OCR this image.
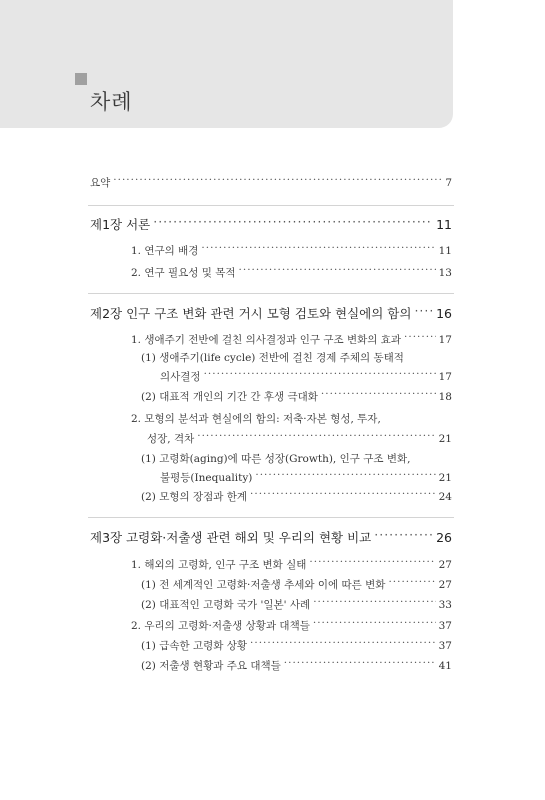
차례
요약 ·····	7
제1장 서론 ·····	11
1. 연구의 배경 ·····	11
2. 연구 필요성 및 목적 ·····	13
제2장 인구 구조 변화 관련 거시 모형 검토와 현실에의 함의 ····· 16
1. 생애주기 전반에 걸친 의사결정과 인구 구조 변화의 효과 ·····	17
(1) 생애주기(life cycle) 전반에 걸친 경제 주체의 동태적
의사결정 ·····	17
(2) 대표적 개인의 기간 간 후생 극대화 ·····	18
2. 모형의 분석과 현실에의 함의: 저축·자본 형성, 투자,
성장, 격차 ·····	21
(1) 고령화(aging)에 따른 성장(Growth), 인구 구조 변화,
불평등(Inequality) ·····	21
(2) 모형의 장점과 한계 ·····	24
제3장 고령화·저출생 관련 해외 및 우리의 현황 비교 ·····	26
1. 해외의 고령화, 인구 구조 변화 실태 ·····	27
(1) 전 세계적인 고령화·저출생 추세와 이에 따른 변화 ·····	27
(2) 대표적인 고령화 국가 '일본' 사례 ·····	33
2. 우리의 고령화·저출생 상황과 대책들 ·····	37
(1) 급속한 고령화 상황 ·····	37
(2) 저출생 현황과 주요 대책들 ·····	41
